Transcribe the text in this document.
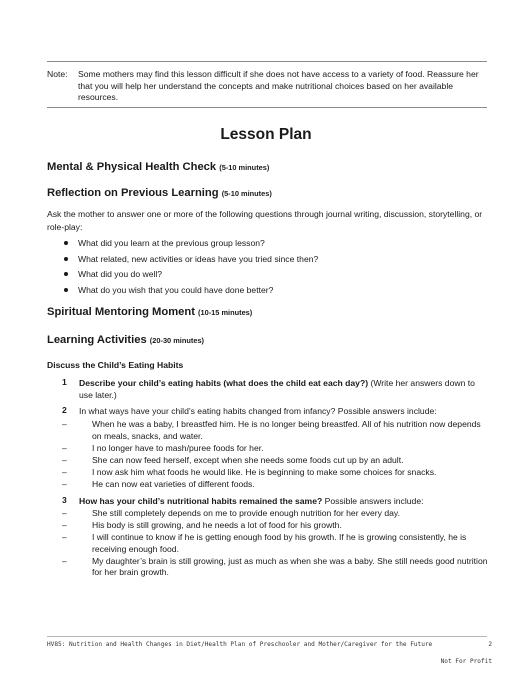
Note: Some mothers may find this lesson difficult if she does not have access to a variety of food. Reassure her that you will help her understand the concepts and make nutritional choices based on her available resources.
Lesson Plan
Mental & Physical Health Check (5-10 minutes)
Reflection on Previous Learning (5-10 minutes)
Ask the mother to answer one or more of the following questions through journal writing, discussion, storytelling, or role-play:
What did you learn at the previous group lesson?
What related, new activities or ideas have you tried since then?
What did you do well?
What do you wish that you could have done better?
Spiritual Mentoring Moment (10-15 minutes)
Learning Activities (20-30 minutes)
Discuss the Child’s Eating Habits
1 Describe your child’s eating habits (what does the child eat each day?) (Write her answers down to use later.)
2 In what ways have your child’s eating habits changed from infancy? Possible answers include:
–	When he was a baby, I breastfed him. He is no longer being breastfed. All of his nutrition now depends on meals, snacks, and water.
–	I no longer have to mash/puree foods for her.
–	She can now feed herself, except when she needs some foods cut up by an adult.
–	I now ask him what foods he would like. He is beginning to make some choices for snacks.
–	He can now eat varieties of different foods.
3 How has your child’s nutritional habits remained the same? Possible answers include:
–	She still completely depends on me to provide enough nutrition for her every day.
–	His body is still growing, and he needs a lot of food for his growth.
–	I will continue to know if he is getting enough food by his growth. If he is growing consistently, he is receiving enough food.
–	My daughter’s brain is still growing, just as much as when she was a baby. She still needs good nutrition for her brain growth.
HV85: Nutrition and Health Changes in Diet/Health Plan of Preschooler and Mother/Caregiver for the Future	2
Not For Profit
